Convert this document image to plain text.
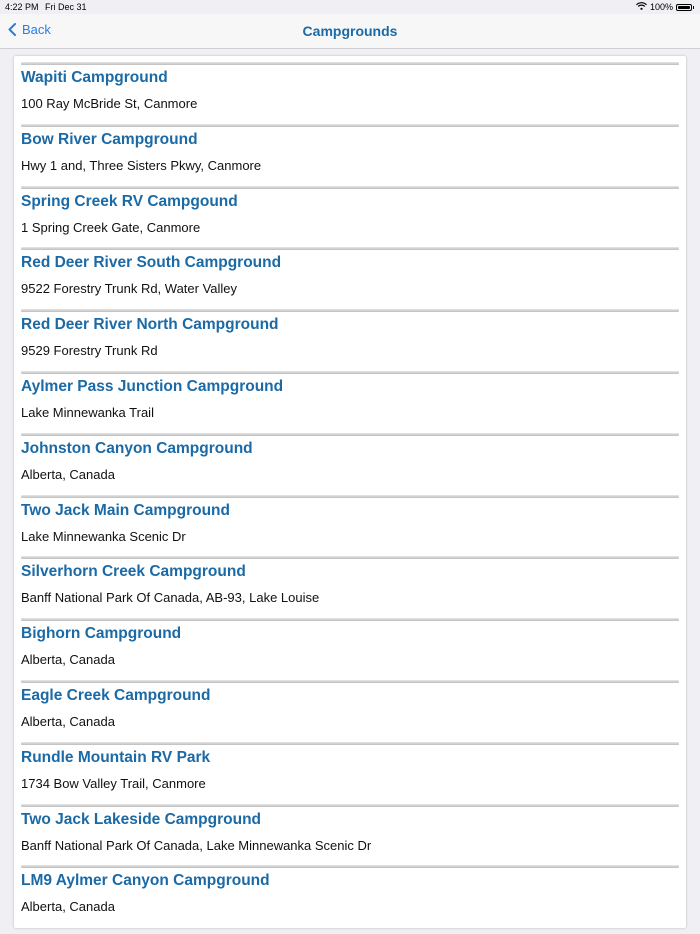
4:22 PM Fri Dec 31	100%
Back	Campgrounds
Wapiti Campground
100 Ray McBride St, Canmore
Bow River Campground
Hwy 1 and, Three Sisters Pkwy, Canmore
Spring Creek RV Campgound
1 Spring Creek Gate, Canmore
Red Deer River South Campground
9522 Forestry Trunk Rd, Water Valley
Red Deer River North Campground
9529 Forestry Trunk Rd
Aylmer Pass Junction Campground
Lake Minnewanka Trail
Johnston Canyon Campground
Alberta, Canada
Two Jack Main Campground
Lake Minnewanka Scenic Dr
Silverhorn Creek Campground
Banff National Park Of Canada, AB-93, Lake Louise
Bighorn Campground
Alberta, Canada
Eagle Creek Campground
Alberta, Canada
Rundle Mountain RV Park
1734 Bow Valley Trail, Canmore
Two Jack Lakeside Campground
Banff National Park Of Canada, Lake Minnewanka Scenic Dr
LM9 Aylmer Canyon Campground
Alberta, Canada
